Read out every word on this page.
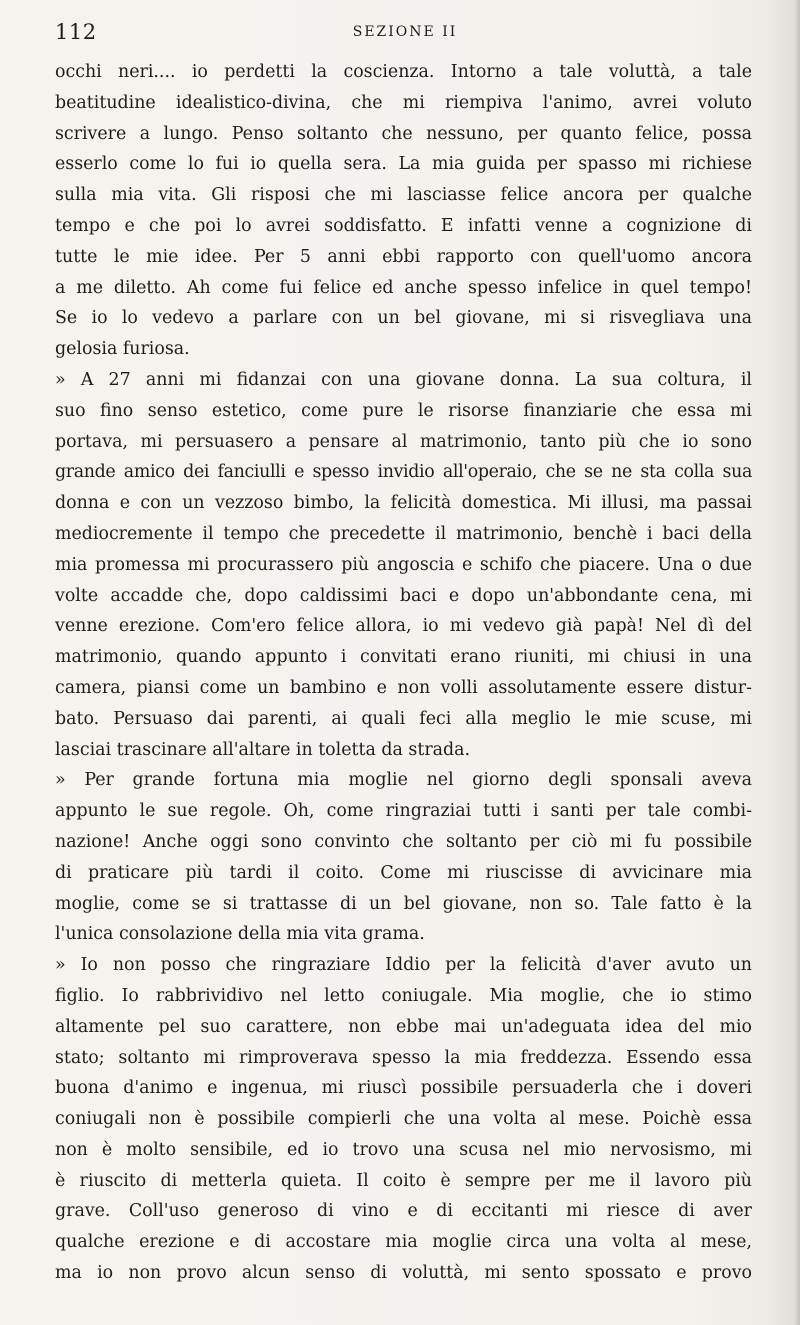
112	SEZIONE II
occhi neri.... io perdetti la coscienza. Intorno a tale voluttà, a tale
beatitudine idealistico-divina, che mi riempiva l'animo, avrei voluto
scrivere a lungo. Penso soltanto che nessuno, per quanto felice, possa
esserlo come lo fui io quella sera. La mia guida per spasso mi richiese
sulla mia vita. Gli risposi che mi lasciasse felice ancora per qualche
tempo e che poi lo avrei soddisfatto. E infatti venne a cognizione di
tutte le mie idee. Per 5 anni ebbi rapporto con quell'uomo ancora
a me diletto. Ah come fui felice ed anche spesso infelice in quel tempo!
Se io lo vedevo a parlare con un bel giovane, mi si risvegliava una
gelosia furiosa.
» A 27 anni mi fidanzai con una giovane donna. La sua coltura, il
suo fino senso estetico, come pure le risorse finanziarie che essa mi
portava, mi persuasero a pensare al matrimonio, tanto più che io sono
grande amico dei fanciulli e spesso invidio all'operaio, che se ne sta colla sua
donna e con un vezzoso bimbo, la felicità domestica. Mi illusi, ma passai
mediocremente il tempo che precedette il matrimonio, benchè i baci della
mia promessa mi procurassero più angoscia e schifo che piacere. Una o due
volte accadde che, dopo caldissimi baci e dopo un'abbondante cena, mi
venne erezione. Com'ero felice allora, io mi vedevo già papà! Nel dì del
matrimonio, quando appunto i convitati erano riuniti, mi chiusi in una
camera, piansi come un bambino e non volli assolutamente essere distur-
bato. Persuaso dai parenti, ai quali feci alla meglio le mie scuse, mi
lasciai trascinare all'altare in toletta da strada.
» Per grande fortuna mia moglie nel giorno degli sponsali aveva
appunto le sue regole. Oh, come ringraziai tutti i santi per tale combi-
nazione! Anche oggi sono convinto che soltanto per ciò mi fu possibile
di praticare più tardi il coito. Come mi riuscisse di avvicinare mia
moglie, come se si trattasse di un bel giovane, non so. Tale fatto è la
l'unica consolazione della mia vita grama.
» Io non posso che ringraziare Iddio per la felicità d'aver avuto un
figlio. Io rabbrividivo nel letto coniugale. Mia moglie, che io stimo
altamente pel suo carattere, non ebbe mai un'adeguata idea del mio
stato; soltanto mi rimproverava spesso la mia freddezza. Essendo essa
buona d'animo e ingenua, mi riuscì possibile persuaderla che i doveri
coniugali non è possibile compierli che una volta al mese. Poichè essa
non è molto sensibile, ed io trovo una scusa nel mio nervosismo, mi
è riuscito di metterla quieta. Il coito è sempre per me il lavoro più
grave. Coll'uso generoso di vino e di eccitanti mi riesce di aver
qualche erezione e di accostare mia moglie circa una volta al mese,
ma io non provo alcun senso di voluttà, mi sento spossato e provo
